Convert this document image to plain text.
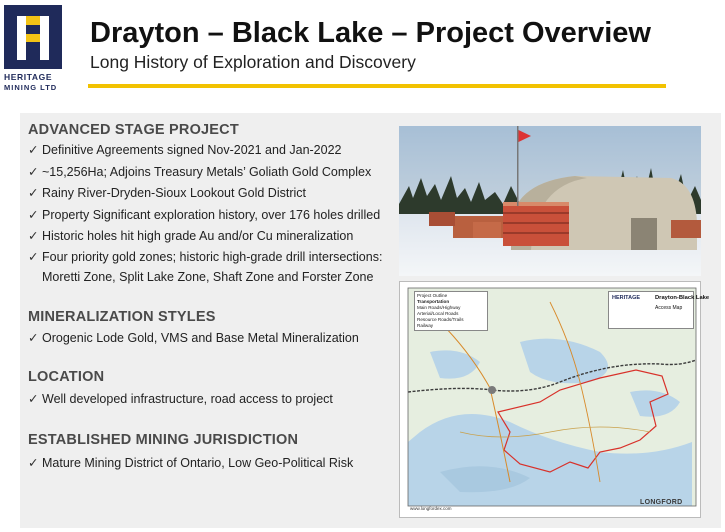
HERITAGE
MINING LTD
Drayton – Black Lake – Project Overview
Long History of Exploration and Discovery
ADVANCED STAGE PROJECT
✓ Definitive Agreements signed Nov-2021 and Jan-2022
✓ ~15,256Ha; Adjoins Treasury Metals’ Goliath Gold Complex
✓ Rainy River-Dryden-Sioux Lookout Gold District
✓ Property Significant exploration history, over 176 holes drilled
✓ Historic holes hit high grade Au and/or Cu mineralization
✓ Four priority gold zones; historic high-grade drill intersections:
Moretti Zone, Split Lake Zone, Shaft Zone and Forster Zone
MINERALIZATION STYLES
✓ Orogenic Lode Gold, VMS and Base Metal Mineralization
LOCATION
✓ Well developed infrastructure, road access to project
ESTABLISHED MINING JURISDICTION
✓ Mature Mining District of Ontario, Low Geo-Political Risk
Project Outline
Transportation
Main Roads/Highway
Arterial/Local Roads
Resource Roads/Trails
Railway
HERITAGE	Drayton-Black Lake
Access Map
www.longfordex.com
LONGFORD
